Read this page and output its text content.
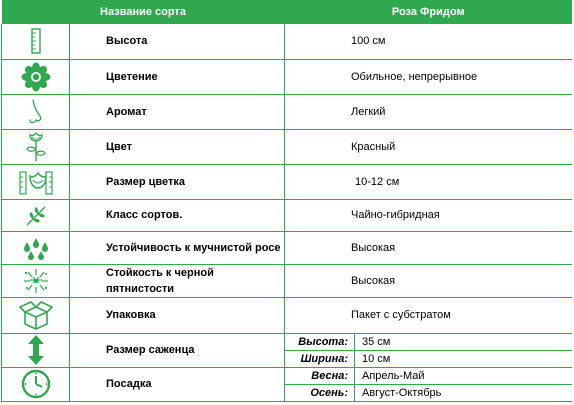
Название сорта		Роза Фридом	

	Высота	100 см	

	Цветение	Обильное, непрерывное	

	Аромат	Легкий	

	Цвет	Красный	

	Размер цветка	10-12 см	

	Класс сортов.	Чайно-гибридная	

	Устойчивость к мучнистой росе	Высокая	

	Стойкость к черной пятнистости	Высокая	

	Упаковка	Пакет с субстратом	

	Размер саженца	Высота:	35 см
		Ширина:	10 см

	Посадка	Весна:	Апрель-Май
		Осень:	Август-Октябрь
